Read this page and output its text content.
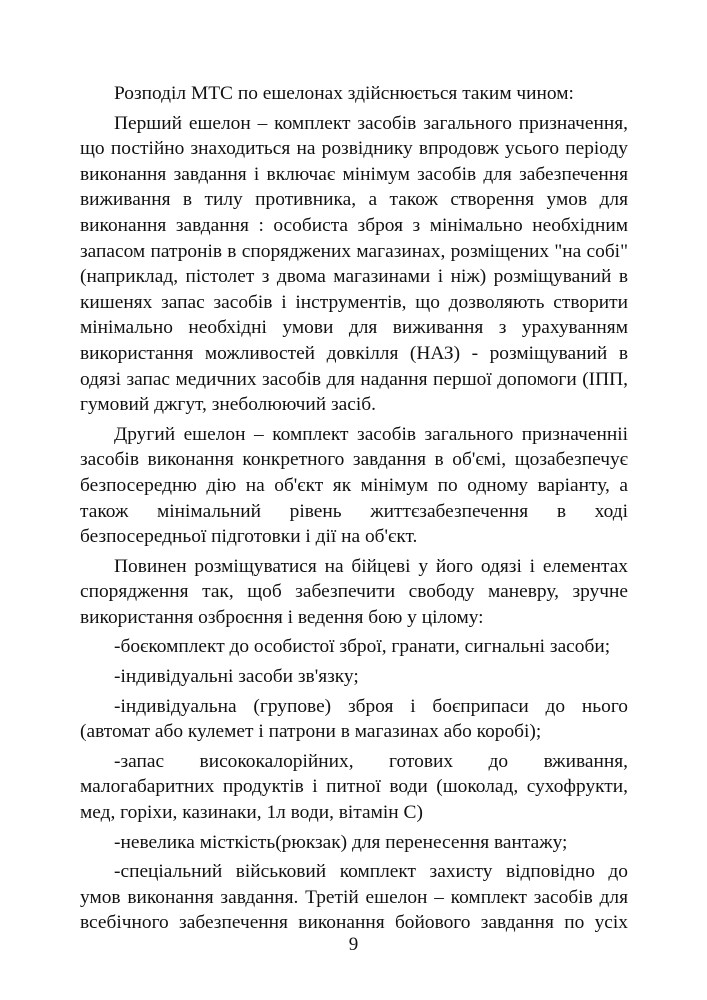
Розподіл МТС по ешелонах здійснюється таким чином:

Перший ешелон – комплект засобів загального призначення, що постійно знаходиться на розвіднику впродовж усього періоду виконання завдання і включає мінімум засобів для забезпечення виживання в тилу противника, а також створення умов для виконання завдання : особиста зброя з мінімально необхідним запасом патронів в споряджених магазинах, розміщених "на собі" (наприклад, пістолет з двома магазинами і ніж) розміщуваний в кишенях запас засобів і інструментів, що дозволяють створити мінімально необхідні умови для виживання з урахуванням використання можливостей довкілля (НАЗ) - розміщуваний в одязі запас медичних засобів для надання першої допомоги (ІПП, гумовий джгут, знеболюючий засіб.

Другий ешелон – комплект засобів загального призначенніі засобів виконання конкретного завдання в об'ємі, щозабезпечує безпосередню дію на об'єкт як мінімум по одному варіанту, а також мінімальний рівень життєзабезпечення в ході безпосередньої підготовки і дії на об'єкт.

Повинен розміщуватися на бійцеві у його одязі і елементах спорядження так, щоб забезпечити свободу маневру, зручне використання озброєння і ведення бою у цілому:

-боєкомплект до особистої зброї, гранати, сигнальні засоби;

-індивідуальні засоби зв'язку;

-індивідуальна (групове) зброя і боєприпаси до нього (автомат або кулемет і патрони в магазинах або коробі);

-запас висококалорійних, готових до вживання, малогабаритних продуктів і питної води (шоколад, сухофрукти, мед, горіхи, казинаки, 1л води, вітамін С)

-невелика місткість(рюкзак) для перенесення вантажу;

-спеціальний військовий комплект захисту відповідно до умов виконання завдання. Третій ешелон – комплект засобів для всебічного забезпечення виконання бойового завдання по усіх

9
